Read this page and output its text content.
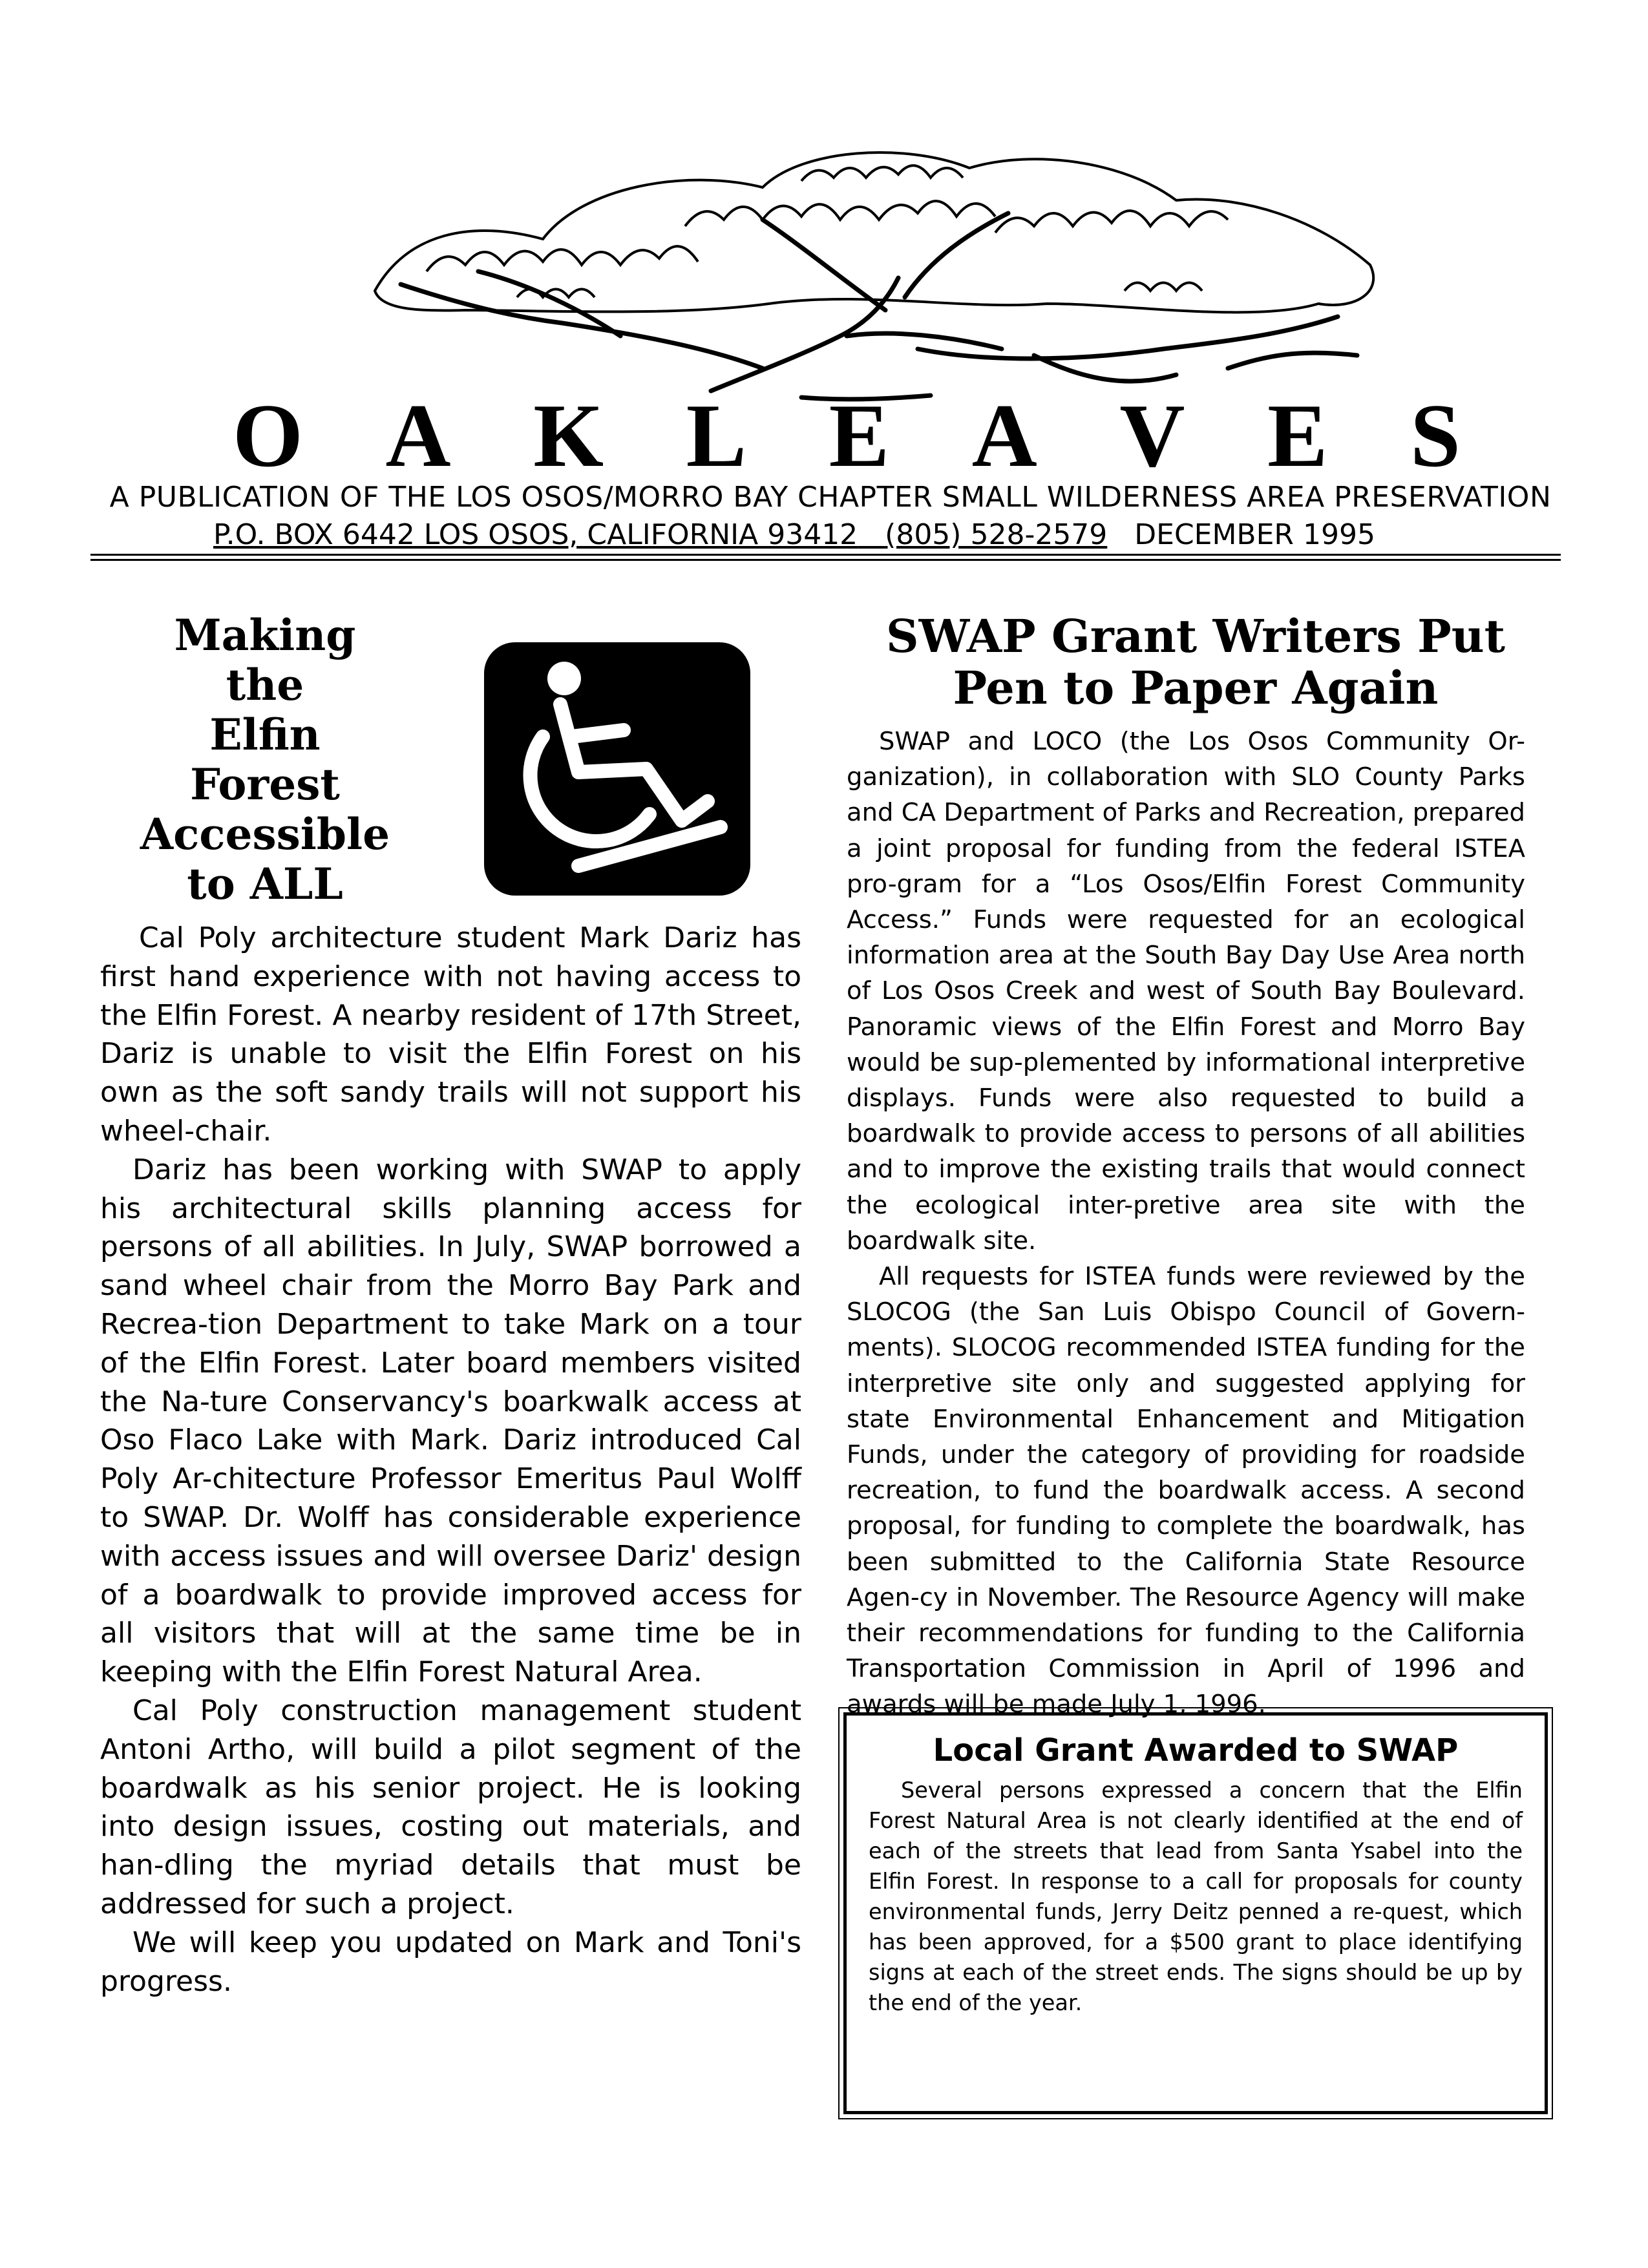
O A K L E A V E S

A PUBLICATION OF THE LOS OSOS/MORRO BAY CHAPTER SMALL WILDERNESS AREA PRESERVATION

P.O. BOX 6442 LOS OSOS, CALIFORNIA 93412 (805) 528-2579 DECEMBER 1995

Making
the
Elfin
Forest
Accessible
to ALL

Cal Poly architecture student Mark Dariz has first hand experience with not having access to the Elfin Forest. A nearby resident of 17th Street, Dariz is unable to visit the Elfin Forest on his own as the soft sandy trails will not support his wheel-chair.

Dariz has been working with SWAP to apply his architectural skills planning access for persons of all abilities. In July, SWAP borrowed a sand wheel chair from the Morro Bay Park and Recrea-tion Department to take Mark on a tour of the Elfin Forest. Later board members visited the Na-ture Conservancy's boarkwalk access at Oso Flaco Lake with Mark. Dariz introduced Cal Poly Ar-chitecture Professor Emeritus Paul Wolff to SWAP. Dr. Wolff has considerable experience with access issues and will oversee Dariz' design of a boardwalk to provide improved access for all visitors that will at the same time be in keeping with the Elfin Forest Natural Area.

Cal Poly construction management student Antoni Artho, will build a pilot segment of the boardwalk as his senior project. He is looking into design issues, costing out materials, and han-dling the myriad details that must be addressed for such a project.

We will keep you updated on Mark and Toni's progress.

SWAP Grant Writers Put
Pen to Paper Again

SWAP and LOCO (the Los Osos Community Or-ganization), in collaboration with SLO County Parks and CA Department of Parks and Recreation, prepared a joint proposal for funding from the federal ISTEA pro-gram for a “Los Osos/Elfin Forest Community Access.” Funds were requested for an ecological information area at the South Bay Day Use Area north of Los Osos Creek and west of South Bay Boulevard. Panoramic views of the Elfin Forest and Morro Bay would be sup-plemented by informational interpretive displays. Funds were also requested to build a boardwalk to provide access to persons of all abilities and to improve the existing trails that would connect the ecological inter-pretive area site with the boardwalk site.

All requests for ISTEA funds were reviewed by the SLOCOG (the San Luis Obispo Council of Govern-ments). SLOCOG recommended ISTEA funding for the interpretive site only and suggested applying for state Environmental Enhancement and Mitigation Funds, under the category of providing for roadside recreation, to fund the boardwalk access. A second proposal, for funding to complete the boardwalk, has been submitted to the California State Resource Agen-cy in November. The Resource Agency will make their recommendations for funding to the California Transportation Commission in April of 1996 and awards will be made July 1, 1996.

Local Grant Awarded to SWAP

Several persons expressed a concern that the Elfin Forest Natural Area is not clearly identified at the end of each of the streets that lead from Santa Ysabel into the Elfin Forest. In response to a call for proposals for county environmental funds, Jerry Deitz penned a re-quest, which has been approved, for a $500 grant to place identifying signs at each of the street ends. The signs should be up by the end of the year.
